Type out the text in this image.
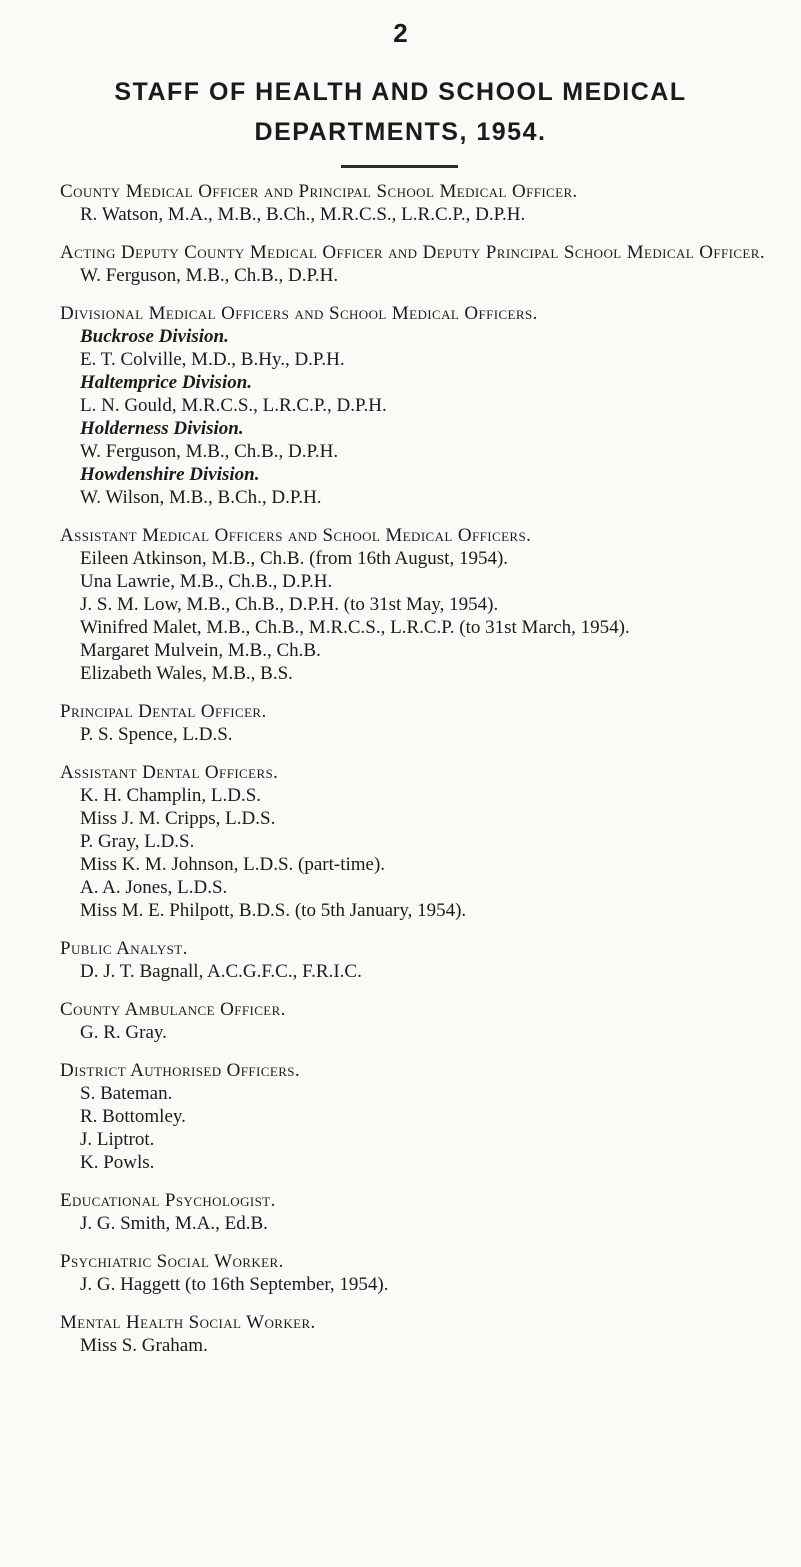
2
STAFF OF HEALTH AND SCHOOL MEDICAL
DEPARTMENTS, 1954.
County Medical Officer and Principal School Medical Officer.
R. Watson, M.A., M.B., B.Ch., M.R.C.S., L.R.C.P., D.P.H.
Acting Deputy County Medical Officer and Deputy Principal School Medical Officer.
W. Ferguson, M.B., Ch.B., D.P.H.
Divisional Medical Officers and School Medical Officers.
Buckrose Division.
E. T. Colville, M.D., B.Hy., D.P.H.
Haltemprice Division.
L. N. Gould, M.R.C.S., L.R.C.P., D.P.H.
Holderness Division.
W. Ferguson, M.B., Ch.B., D.P.H.
Howdenshire Division.
W. Wilson, M.B., B.Ch., D.P.H.
Assistant Medical Officers and School Medical Officers.
Eileen Atkinson, M.B., Ch.B. (from 16th August, 1954).
Una Lawrie, M.B., Ch.B., D.P.H.
J. S. M. Low, M.B., Ch.B., D.P.H. (to 31st May, 1954).
Winifred Malet, M.B., Ch.B., M.R.C.S., L.R.C.P. (to 31st March, 1954).
Margaret Mulvein, M.B., Ch.B.
Elizabeth Wales, M.B., B.S.
Principal Dental Officer.
P. S. Spence, L.D.S.
Assistant Dental Officers.
K. H. Champlin, L.D.S.
Miss J. M. Cripps, L.D.S.
P. Gray, L.D.S.
Miss K. M. Johnson, L.D.S. (part-time).
A. A. Jones, L.D.S.
Miss M. E. Philpott, B.D.S. (to 5th January, 1954).
Public Analyst.
D. J. T. Bagnall, A.C.G.F.C., F.R.I.C.
County Ambulance Officer.
G. R. Gray.
District Authorised Officers.
S. Bateman.
R. Bottomley.
J. Liptrot.
K. Powls.
Educational Psychologist.
J. G. Smith, M.A., Ed.B.
Psychiatric Social Worker.
J. G. Haggett (to 16th September, 1954).
Mental Health Social Worker.
Miss S. Graham.
